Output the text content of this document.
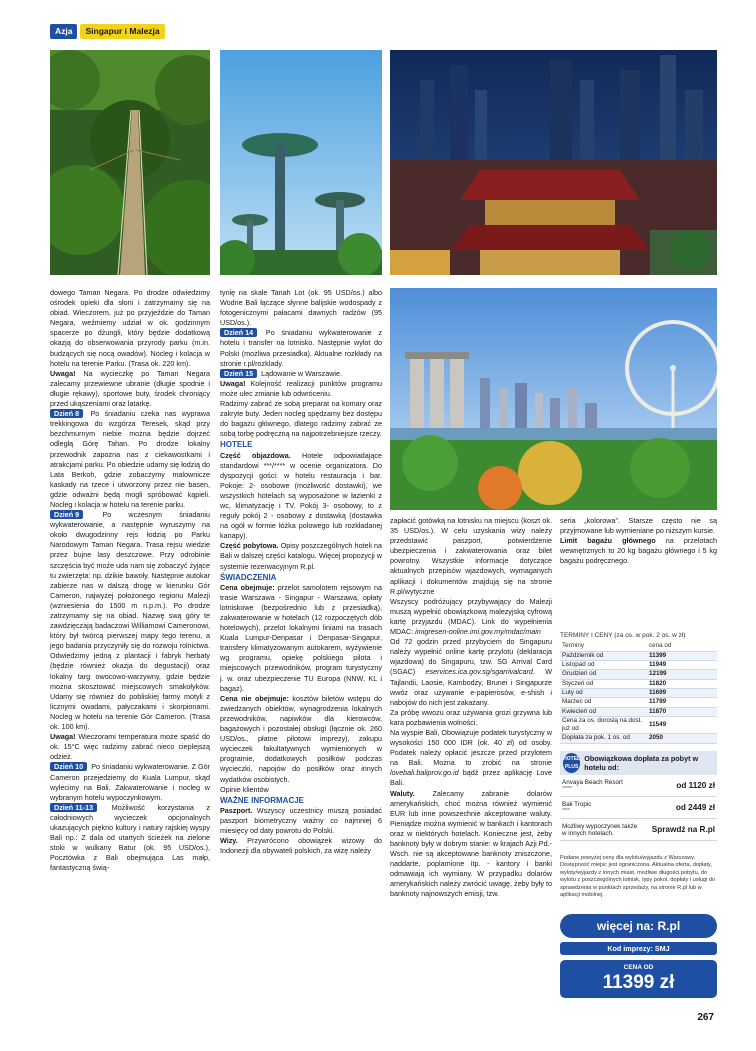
Azja	Singapur i Malezja

dowego Taman Negara. Po drodze odwiedzimy ośrodek opieki dla słoni i zatrzymamy się na obiad. Wieczorem, już po przyjeździe do Taman Negara, weźmiemy udział w ok. godzinnym spacerze po dżungli, który będzie dodatkową okazją do obserwowania przyrody parku (m.in. budzących się nocą owadów). Nocleg i kolacja w hotelu na terenie Parku. (Trasa ok. 220 km).

Uwaga! Na wycieczkę po Taman Negara zalecamy przewiewne ubranie (długie spodnie i długie rękawy), sportowe buty, środek chroniący przed ukąszeniami oraz latarkę.

Dzień 8 Po śniadaniu czeka nas wyprawa trekkingowa do wzgórza Teresek, skąd przy bezchmurnym niebie można będzie dojrzeć odległą Górę Tahan. Po drodze lokalny przewodnik zapozna nas z ciekawostkami i atrakcjami parku. Po obiedzie udamy się łodzią do Lata Berkoh, gdzie zobaczymy malownicze kaskady na rzece i utworzony przez nie basen, gdzie odważni będą mogli spróbować kąpieli. Nocleg i kolacja w hotelu na terenie parku.

Dzień 9 Po wczesnym śniadaniu wykwaterowanie, a następnie wyruszymy na około dwugodzinny rejs łodzią po Parku Narodowym Taman Negara. Trasa rejsu wiedzie przez bujne lasy deszczowe. Przy odrobinie szczęścia być może uda nam się zobaczyć żyjące tu zwierzęta: np. dzikie bawoły. Następnie autokar zabierze nas w dalszą drogę w kierunku Gór Cameron, najwyżej położonego regionu Malezji (wzniesienia do 1500 m n.p.m.). Po drodze zatrzymamy się na obiad. Nazwę swą góry te zawdzięczają badaczowi Williamowi Cameronowi, który był twórcą pierwszej mapy tego terenu, a jego badania przyczyniły się do rozwoju rolnictwa. Odwiedzimy jedną z plantacji i fabryk herbaty (będzie również okazja do degustacji) oraz lokalny targ owocowo-warzywny, gdzie będzie można skosztować miejscowych smakołyków. Udamy się również do pobliskiej farmy motyli z licznymi owadami, pałyczakami i skorpionami. Nocleg w hotelu na terenie Gór Cameron. (Trasa ok. 100 km).

Uwaga! Wieczorami temperatura może spaść do ok. 15°C więc radzimy zabrać nieco cieplejszą odzież.

Dzień 10 Po śniadaniu wykwaterowanie. Z Gór Cameron przejedziemy do Kuala Lumpur, skąd wylecimy na Bali. Zakwaterowanie i nocleg w wybranym hotelu wypoczynkowym.

Dzień 11-13 Możliwość korzystania z całodniowych wycieczek opcjonalnych ukazujących piękno kultury i natury rajskiej wyspy Bali np.: Z dala od utartych ścieżek na zielone stoki w wulkany Batur (ok. 95 USD/os.), Pocztówka z Bali obejmująca Las małp, fantastyczną świą-

tynię na skale Tanah Lot (ok. 95 USD/os.) albo Wodne Bali łączące słynne balijskie wodospady z fotogenicznymi pałacami dawnych radżów (95 USD/os.).

Dzień 14 Po śniadaniu wykwaterowanie z hotelu i transfer na lotnisko. Następnie wylot do Polski (możliwa przesiadka). Aktualne rozkłady na stronie r.pl/rozklady.

Dzień 15 Lądowanie w Warszawie.

Uwaga! Kolejność realizacji punktów programu może ulec zmianie lub odwróceniu.

Radzimy zabrać ze sobą preparat na komary oraz zakryte buty. Jeden nocleg spędzamy bez dostępu do bagażu głównego, dlatego radzimy zabrać ze sobą torbę podręczną na najpotrzebniejsze rzeczy.

HOTELE

Część objazdowa. Hotele odpowiadające standardowi ***/**** w ocenie organizatora. Do dyspozycji gości: w hotelu restauracja i bar. Pokoje: 2- osobowe (możliwość dostawki), we wszystkich hotelach są wyposażone w łazienki z wc, klimatyzację i TV. Pokój 3- osobowy, to z reguły pokój 2 - osobowy z dostawką (dostawka na ogół w formie łóżka polowego lub rozkładanej kanapy).

Część pobytowa. Opisy poszczególnych hoteli na Bali w dalszej części katalogu. Więcej propozycji w systemie rezerwacyjnym R.pl.

ŚWIADCZENIA

Cena obejmuje: przelot samolotem rejsowym na trasie Warszawa - Singapur - Warszawa, opłaty lotniskowe (bezpośrednio lub z przesiadką), zakwaterowanie w hotelach (12 rozpoczętych dób hotelowych), przelot lokalnymi liniami na trasach Kuala Lumpur-Denpasar i Denpasar-Singapur, transfery klimatyzowanym autokarem, wyżywienie wg programu, opiekę polskiego pilota i miejscowych przewodników, program turystyczny j. w. oraz ubezpieczenie TU Europa (NNW, KL i bagaż).

Cena nie obejmuje: kosztów biletów wstępu do zwiedzanych obiektów, wynagrodzenia lokalnych przewodników, napiwków dla kierowców, bagażowych i pozostałej obsługi (łącznie ok. 260 USD/os., płatne pilotowi imprezy), zakupu wycieczek fakultatywnych wymienionych w programie, dodatkowych posiłków podczas wycieczki, napojów do posiłków oraz innych wydatków osobistych.

Opinie klientów

WAŻNE INFORMACJE

Paszport. Wszyscy uczestnicy muszą posiadać paszport biometryczny ważny co najmniej 6 miesięcy od daty powrotu do Polski.

Wizy. Przywrócono obowiązek wizowy do Indonezji dla obywateli polskich, za wizę należy

zapłacić gotówką na lotnisku na miejscu (koszt ok. 35 USD/os.). W celu uzyskania wizy należy przedstawić paszport, potwierdzenie ubezpieczenia i zakwaterowania oraz bilet powrotny. Wszystkie informacje dotyczące aktualnych przepisów wjazdowych, wymaganych aplikacji i dokumentów znajdują się na stronie R.pl/wytyczne

Wszyscy podróżujący przybywający do Malezji muszą wypełnić obowiązkową malezyjską cyfrową kartę przyjazdu (MDAC). Link do wypełnienia MDAC: imigresen-online.imi.gov.my/mdac/main

Od 72 godzin przed przybyciem do Singapuru należy wypełnić online kartę przylotu (deklaracja wjazdowa) do Singapuru, tzw. SG Arrival Card (SGAC) eservices.ica.gov.sg/sgarrivalcard. W Tajlandii, Laosie, Kambodży, Brunei i Singapurze wwóz oraz używanie e-papierosów, e-shish i nabojów do nich jest zakazany.

Za próbę wwozu oraz używania grozi grzywna lub kara pozbawienia wolności.

Na wyspie Bali, Obowiązuje podatek turystyczny w wysokości 150 000 IDR (ok. 40 zł) od osoby. Podatek należy opłacić jeszcze przed przylotem na Bali. Można to zrobić na stronie lovebali.baliprov.go.id bądź przez aplikację Love Bali.

Waluty. Zalecamy zabranie dolarów amerykańskich, choć można również wymienić EUR lub inne powszechnie akceptowane waluty. Pieniądze można wymienić w bankach i kantorach oraz w niektórych hotelach. Konieczne jest, żeby banknoty były w dobrym stanie: w krajach Azji Pd.-Wsch. nie są akceptowane banknoty zniszczone, naddarte, poplamione itp. - kantory i banki odmawiają ich wymiany. W przypadku dolarów amerykańskich należy zwrócić uwagę, żeby były to banknoty najnowszych emisji, tzw.

seria „kolorowa”. Starsze często nie są przyjmowane lub wymieniane po niższym kursie.

Limit bagażu głównego na przelotach wewnętrznych to 20 kg bagażu głównego i 5 kg bagażu podręcznego.

TERMINY I CENY (za os. w pok. 2 os. w zł)
Terminy	cena od
Październik od	11399
Listopad od	11949
Grudzień od	12199
Styczeń od	11820
Luty od	11699
Marzec od	11799
Kwiecień od	11870
Cena za os. doroslą na dost. już od	11549
Dopłata za pok. 1 os. od	2050
HOTEL
PLUS
Obowiązkowa dopłata za pobyt w hotelu od:
Anvaya Beach Resort
*****	od 1120 zł
Bali Tropic
****	od 2449 zł
Możliwy wypoczynek także w innych hotelach.	Sprawdź na R.pl
Podane powyżej ceny dla wylotu/wyjazdu z Warszawy. Dostępność miejsc jest ograniczona. Aktualna oferta, dopłaty, wyloty/wyjazdy z innych miast, możliwe długości pobytu, do wylotu z poszczególnych lotnisk, typy pokoi, dopłaty i usługi do sprawdzenia w punktach sprzedaży, na stronie R.pl lub w aplikacji mobilnej.
więcej na: R.pl
Kod imprezy: SMJ
CENA OD
11399 zł
267
